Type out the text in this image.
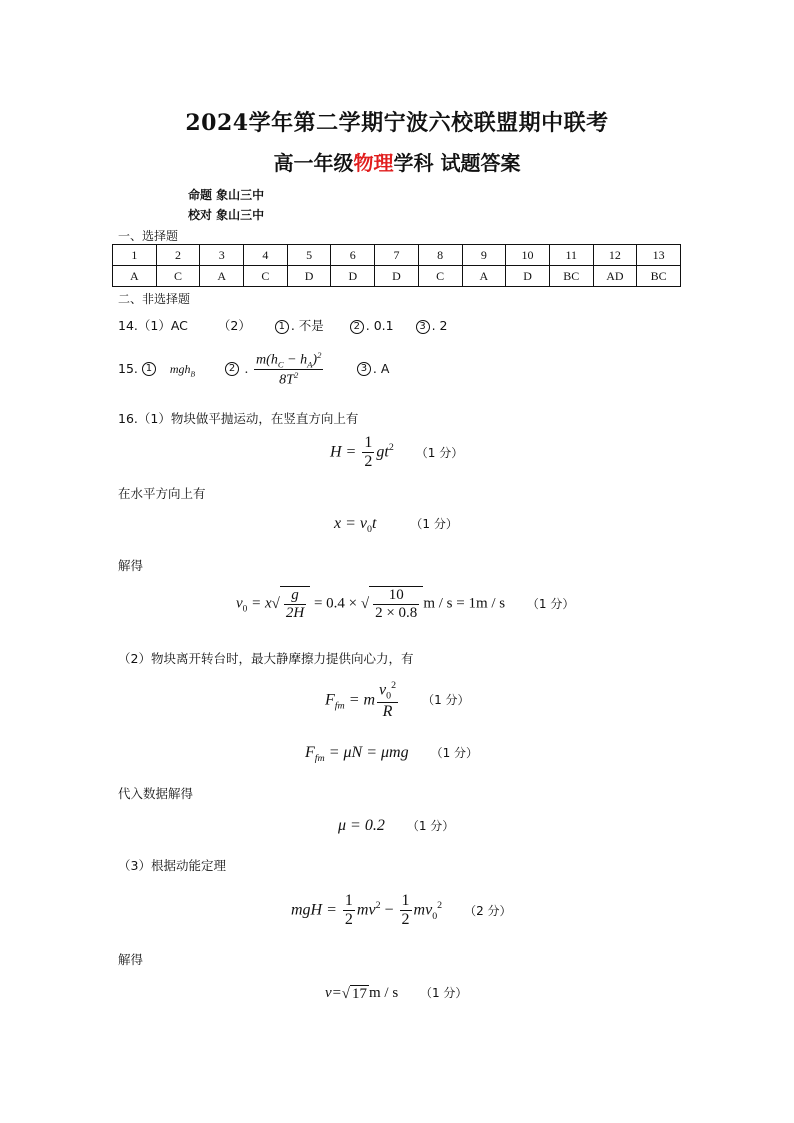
2024学年第二学期宁波六校联盟期中联考
高一年级物理学科 试题答案
命题 象山三中
校对 象山三中
一、选择题
1	2	3	4	5	6	7	8	9	10	11	12	13
A	C	A	C	D	D	D	C	A	D	BC	AD	BC
二、非选择题
14.（1）AC （2）	1 . 不是	2 . 0.1	3 . 2
15. 1 mgh$_B$	2 . $\frac{m(h_C - h_A)^2}{8T^2}$	3 . A
16.（1）物块做平抛运动，在竖直方向上有
$H = \frac{1}{2} gt^2$ （1 分）
在水平方向上有
$x = v_0t$	（1 分）
解得
$v_0 = x√ \frac{g}{2H} = 0.4$ × √ $\frac{10}{2 \times 0.8}$ m / s = 1m / s （1 分）
（2）物块离开转台时，最大静摩擦力提供向心力，有
$F_{fm} = m \frac{v_0^2}{R} (1$ 分）
$F_{fm} = \mu N = \mu mg$ （1 分）
代入数据解得
μ = 0.2 （1 分）
（3）根据动能定理
mgH = $\frac{1}{2} mv^2 - \frac{1}{2} mv_0^2$ （2 分）
解得
v=√ 17 m / s （1 分）
